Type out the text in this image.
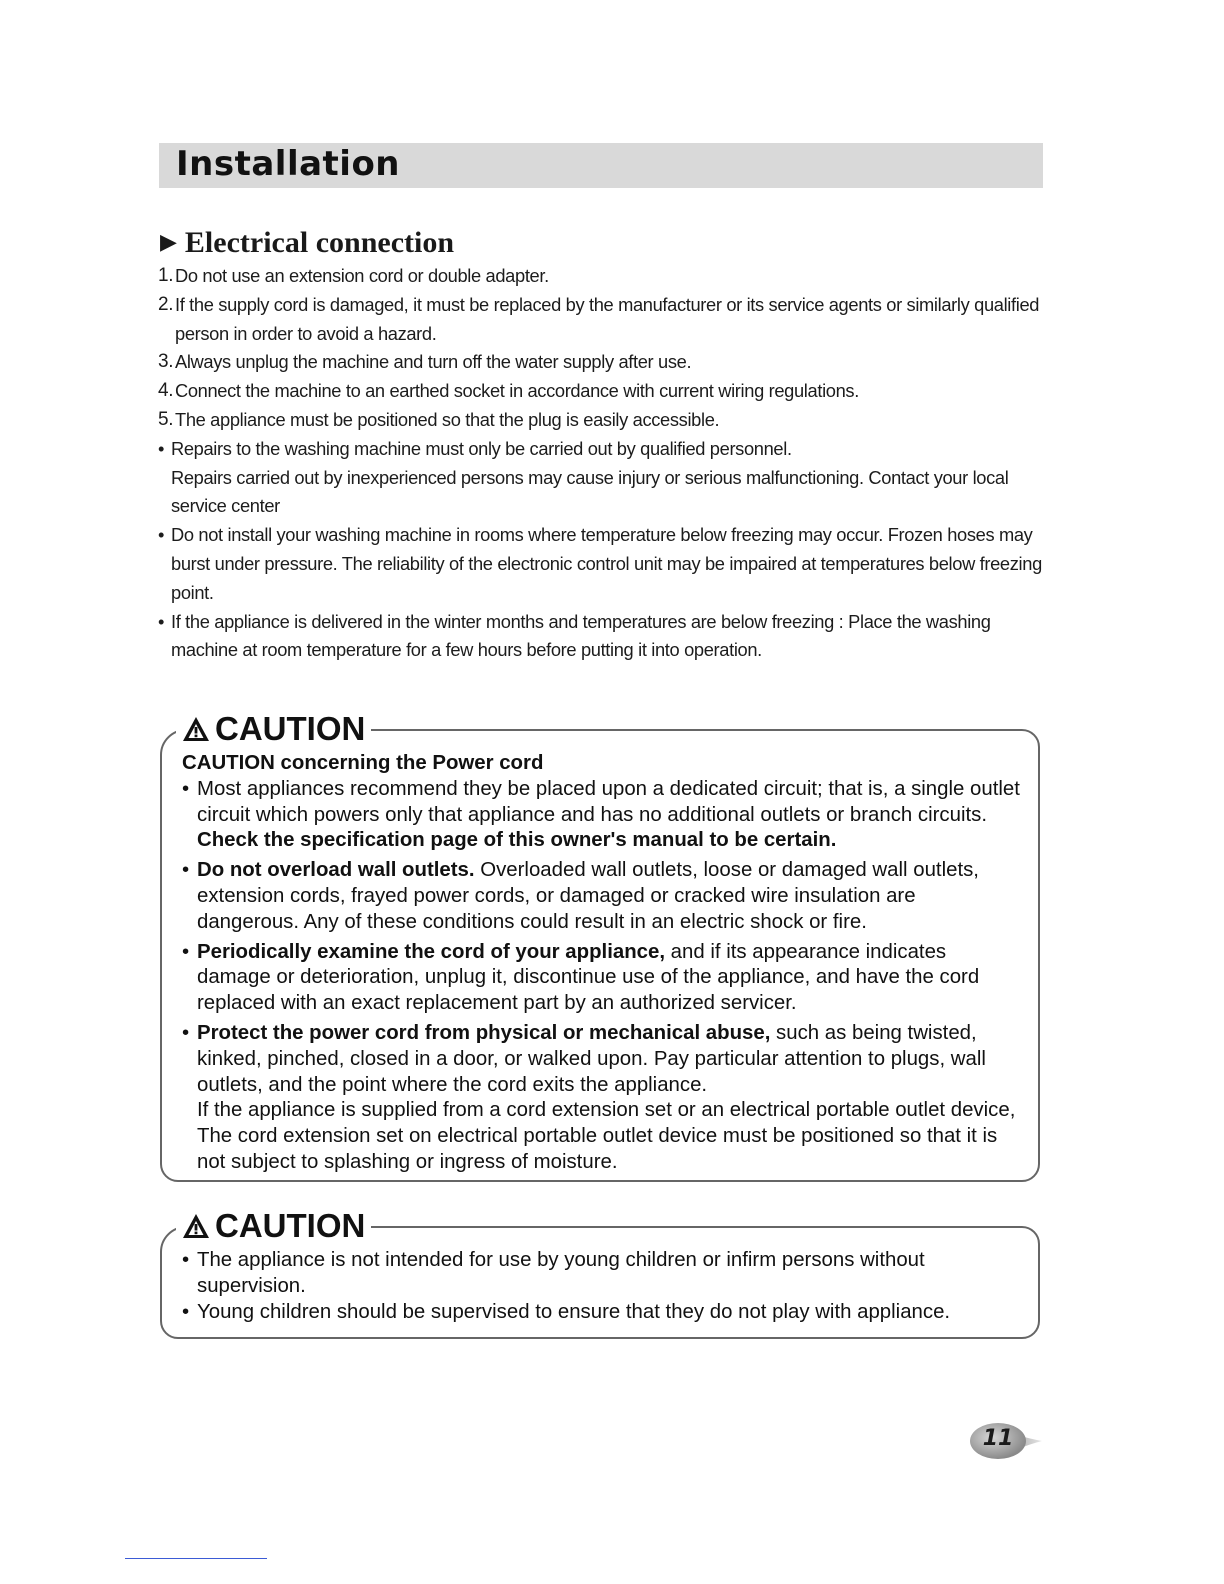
Installation
▶ Electrical connection
1. Do not use an extension cord or double adapter.
2. If the supply cord is damaged, it must be replaced by the manufacturer or its service agents or similarly qualified person in order to avoid a hazard.
3. Always unplug the machine and turn off the water supply after use.
4. Connect the machine to an earthed socket in accordance with current wiring regulations.
5. The appliance must be positioned so that the plug is easily accessible.
• Repairs to the washing machine must only be carried out by qualified personnel.
Repairs carried out by inexperienced persons may cause injury or serious malfunctioning. Contact your local service center
• Do not install your washing machine in rooms where temperature below freezing may occur. Frozen hoses may burst under pressure. The reliability of the electronic control unit may be impaired at temperatures below freezing point.
• If the appliance is delivered in the winter months and temperatures are below freezing : Place the washing machine at room temperature for a few hours before putting it into operation.
CAUTION
CAUTION concerning the Power cord
• Most appliances recommend they be placed upon a dedicated circuit; that is, a single outlet circuit which powers only that appliance and has no additional outlets or branch circuits. Check the specification page of this owner's manual to be certain.
• Do not overload wall outlets. Overloaded wall outlets, loose or damaged wall outlets, extension cords, frayed power cords, or damaged or cracked wire insulation are dangerous. Any of these conditions could result in an electric shock or fire.
• Periodically examine the cord of your appliance, and if its appearance indicates damage or deterioration, unplug it, discontinue use of the appliance, and have the cord replaced with an exact replacement part by an authorized servicer.
• Protect the power cord from physical or mechanical abuse, such as being twisted, kinked, pinched, closed in a door, or walked upon. Pay particular attention to plugs, wall outlets, and the point where the cord exits the appliance.
If the appliance is supplied from a cord extension set or an electrical portable outlet device, The cord extension set on electrical portable outlet device must be positioned so that it is not subject to splashing or ingress of moisture.
CAUTION
• The appliance is not intended for use by young children or infirm persons without supervision.
• Young children should be supervised to ensure that they do not play with appliance.
11
